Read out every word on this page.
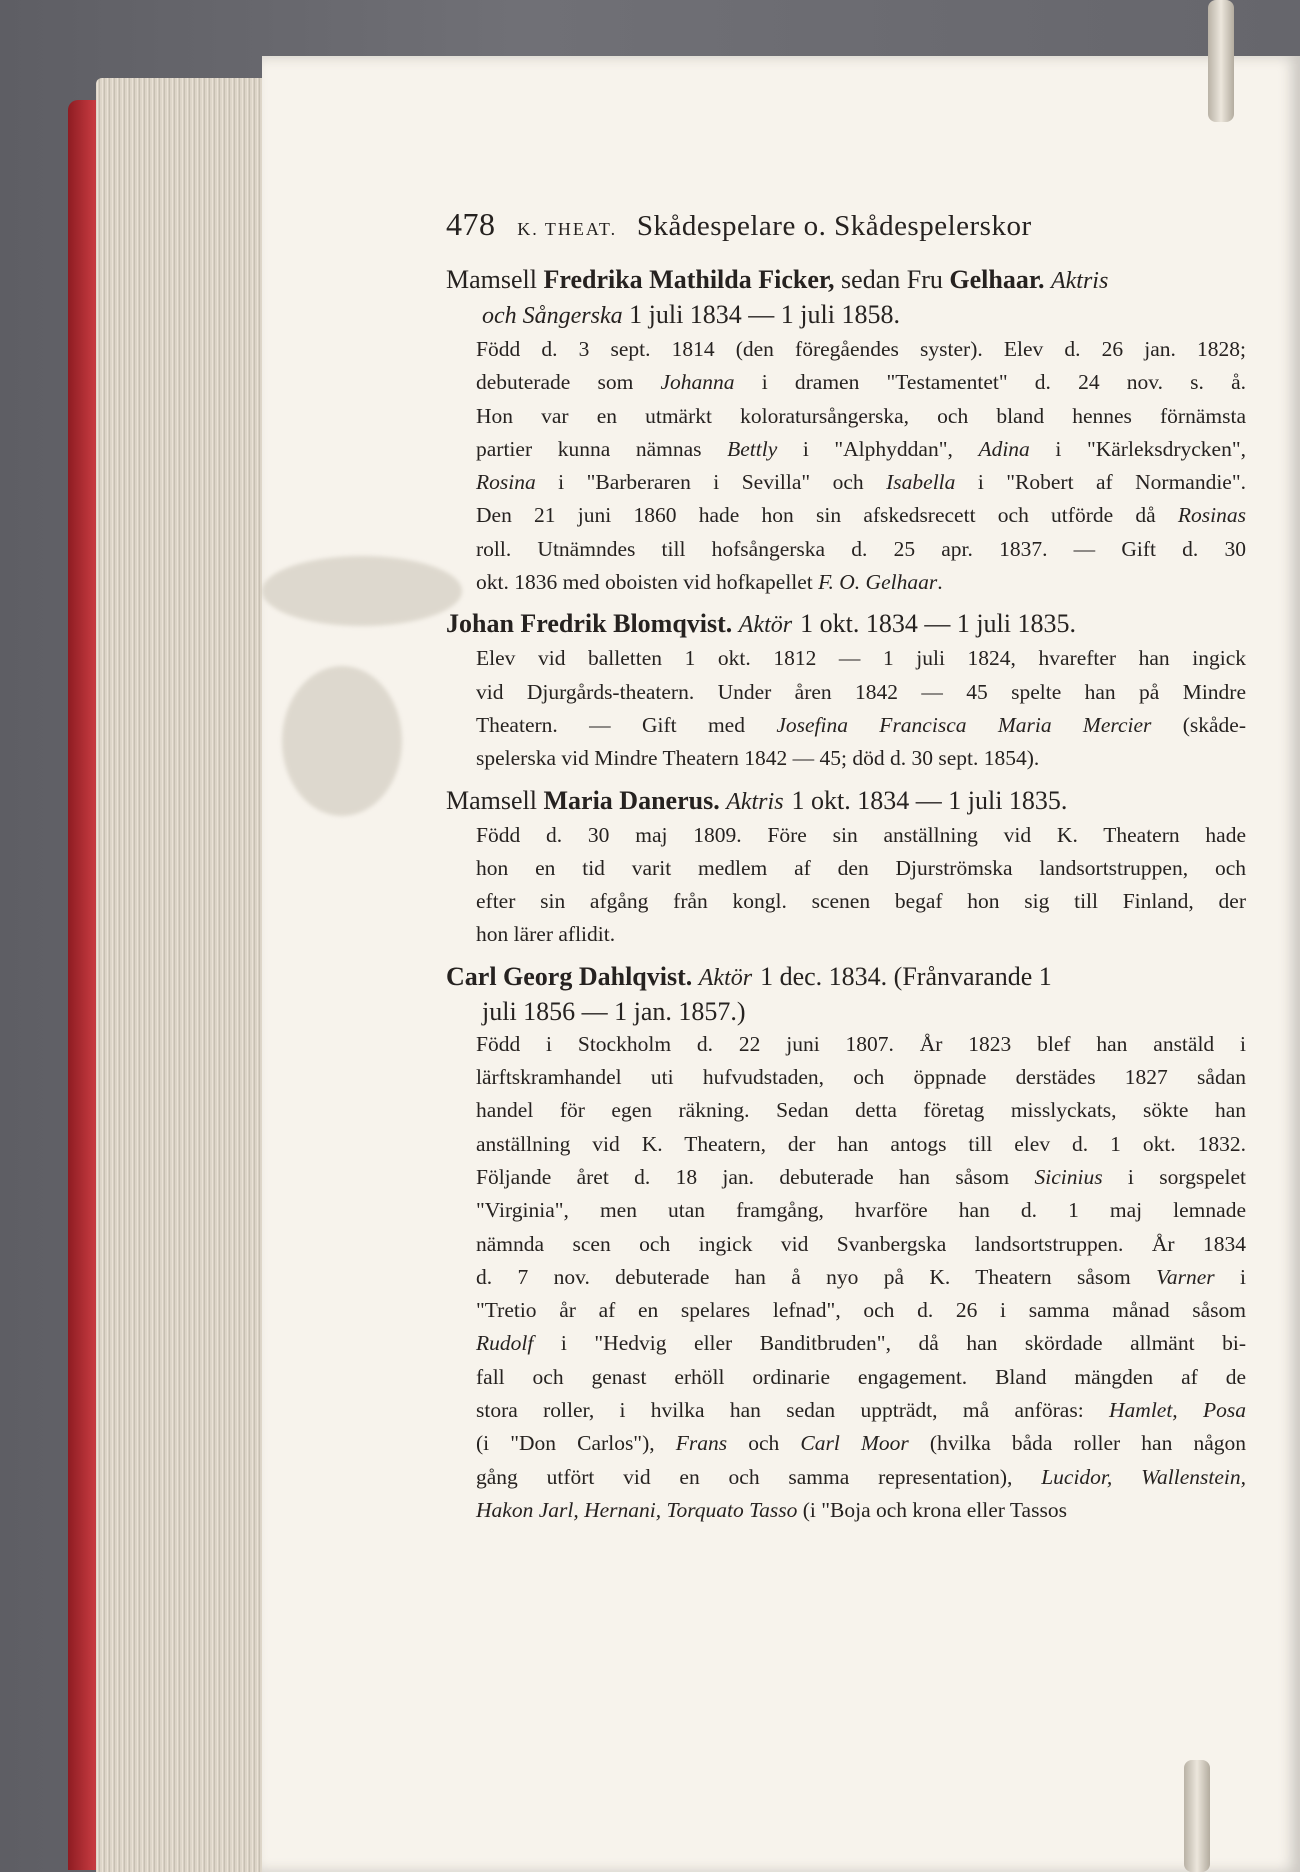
478 K. THEAT. Skådespelare o. Skådespelerskor

Mamsell Fredrika Mathilda Ficker, sedan Fru Gelhaar. Aktris
och Sångerska 1 juli 1834 — 1 juli 1858.

Född d. 3 sept. 1814 (den föregåendes syster). Elev d. 26 jan. 1828;
debuterade som Johanna i dramen "Testamentet" d. 24 nov. s. å.
Hon var en utmärkt koloratursångerska, och bland hennes förnämsta
partier kunna nämnas Bettly i "Alphyddan", Adina i "Kärleksdrycken",
Rosina i "Barberaren i Sevilla" och Isabella i "Robert af Normandie".
Den 21 juni 1860 hade hon sin afskedsrecett och utförde då Rosinas
roll. Utnämndes till hofsångerska d. 25 apr. 1837. — Gift d. 30
okt. 1836 med oboisten vid hofkapellet F. O. Gelhaar.

Johan Fredrik Blomqvist. Aktör 1 okt. 1834 — 1 juli 1835.

Elev vid balletten 1 okt. 1812 — 1 juli 1824, hvarefter han ingick
vid Djurgårds-theatern. Under åren 1842 — 45 spelte han på Mindre
Theatern. — Gift med Josefina Francisca Maria Mercier (skåde-
spelerska vid Mindre Theatern 1842 — 45; död d. 30 sept. 1854).

Mamsell Maria Danerus. Aktris 1 okt. 1834 — 1 juli 1835.

Född d. 30 maj 1809. Före sin anställning vid K. Theatern hade
hon en tid varit medlem af den Djurströmska landsortstruppen, och
efter sin afgång från kongl. scenen begaf hon sig till Finland, der
hon lärer aflidit.

Carl Georg Dahlqvist. Aktör 1 dec. 1834. (Frånvarande 1
juli 1856 — 1 jan. 1857.)

Född i Stockholm d. 22 juni 1807. År 1823 blef han anstäld i
lärftskramhandel uti hufvudstaden, och öppnade derstädes 1827 sådan
handel för egen räkning. Sedan detta företag misslyckats, sökte han
anställning vid K. Theatern, der han antogs till elev d. 1 okt. 1832.
Följande året d. 18 jan. debuterade han såsom Sicinius i sorgspelet
"Virginia", men utan framgång, hvarföre han d. 1 maj lemnade
nämnda scen och ingick vid Svanbergska landsortstruppen. År 1834
d. 7 nov. debuterade han å nyo på K. Theatern såsom Varner i
"Tretio år af en spelares lefnad", och d. 26 i samma månad såsom
Rudolf i "Hedvig eller Banditbruden", då han skördade allmänt bi-
fall och genast erhöll ordinarie engagement. Bland mängden af de
stora roller, i hvilka han sedan uppträdt, må anföras: Hamlet, Posa
(i "Don Carlos"), Frans och Carl Moor (hvilka båda roller han någon
gång utfört vid en och samma representation), Lucidor, Wallenstein,
Hakon Jarl, Hernani, Torquato Tasso (i "Boja och krona eller Tassos
